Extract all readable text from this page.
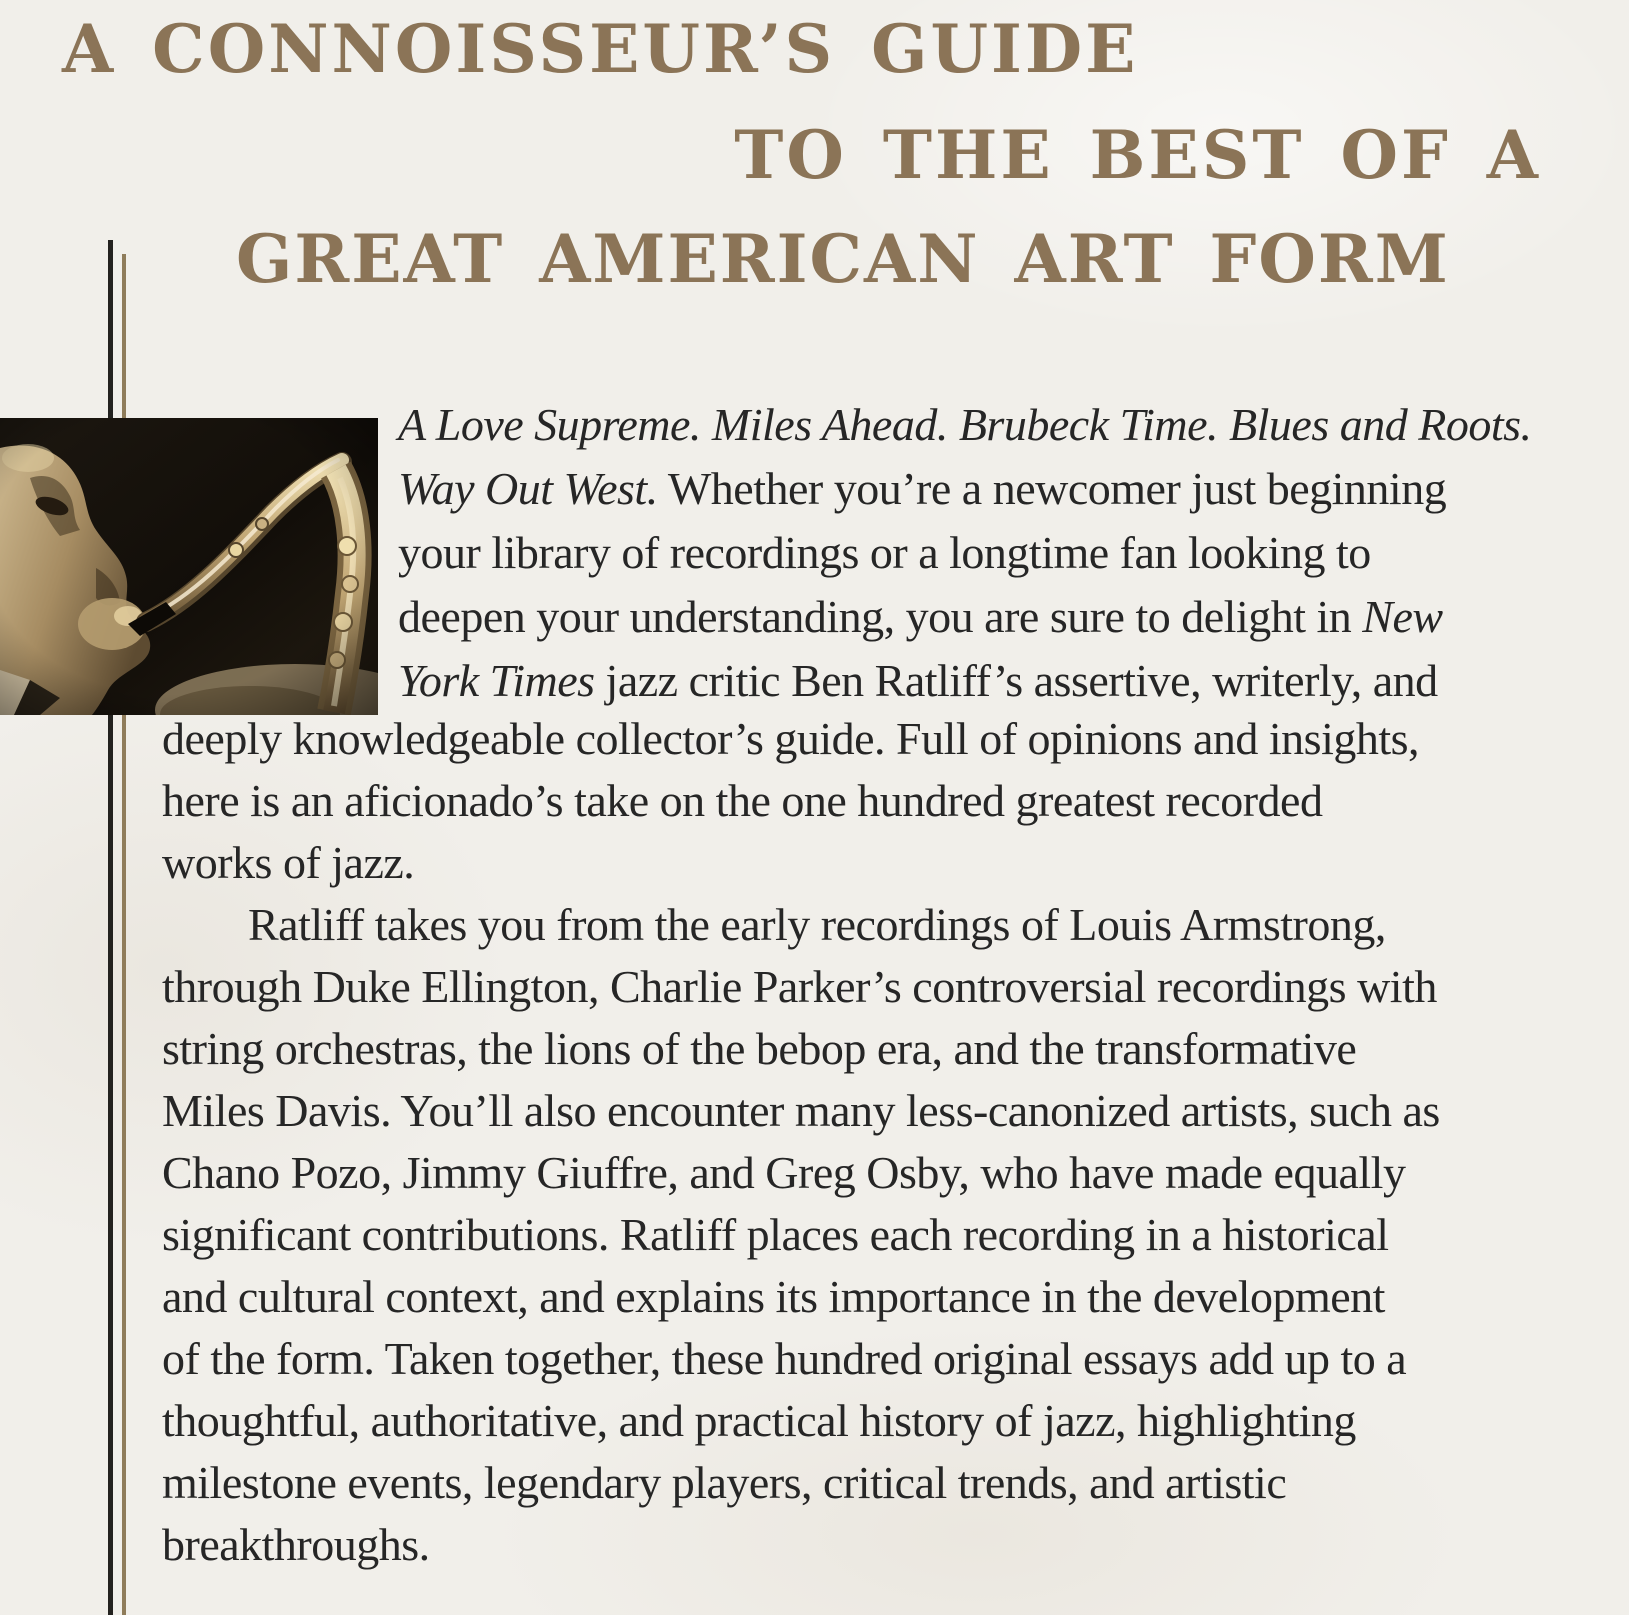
A CONNOISSEUR’S GUIDE
TO THE BEST OF A
GREAT AMERICAN ART FORM
A Love Supreme. Miles Ahead. Brubeck Time. Blues and Roots.
Way Out West. Whether you’re a newcomer just beginning
your library of recordings or a longtime fan looking to
deepen your understanding, you are sure to delight in New
York Times jazz critic Ben Ratliff’s assertive, writerly, and
deeply knowledgeable collector’s guide. Full of opinions and insights,
here is an aficionado’s take on the one hundred greatest recorded
works of jazz.
Ratliff takes you from the early recordings of Louis Armstrong,
through Duke Ellington, Charlie Parker’s controversial recordings with
string orchestras, the lions of the bebop era, and the transformative
Miles Davis. You’ll also encounter many less-canonized artists, such as
Chano Pozo, Jimmy Giuffre, and Greg Osby, who have made equally
significant contributions. Ratliff places each recording in a historical
and cultural context, and explains its importance in the development
of the form. Taken together, these hundred original essays add up to a
thoughtful, authoritative, and practical history of jazz, highlighting
milestone events, legendary players, critical trends, and artistic
breakthroughs.
